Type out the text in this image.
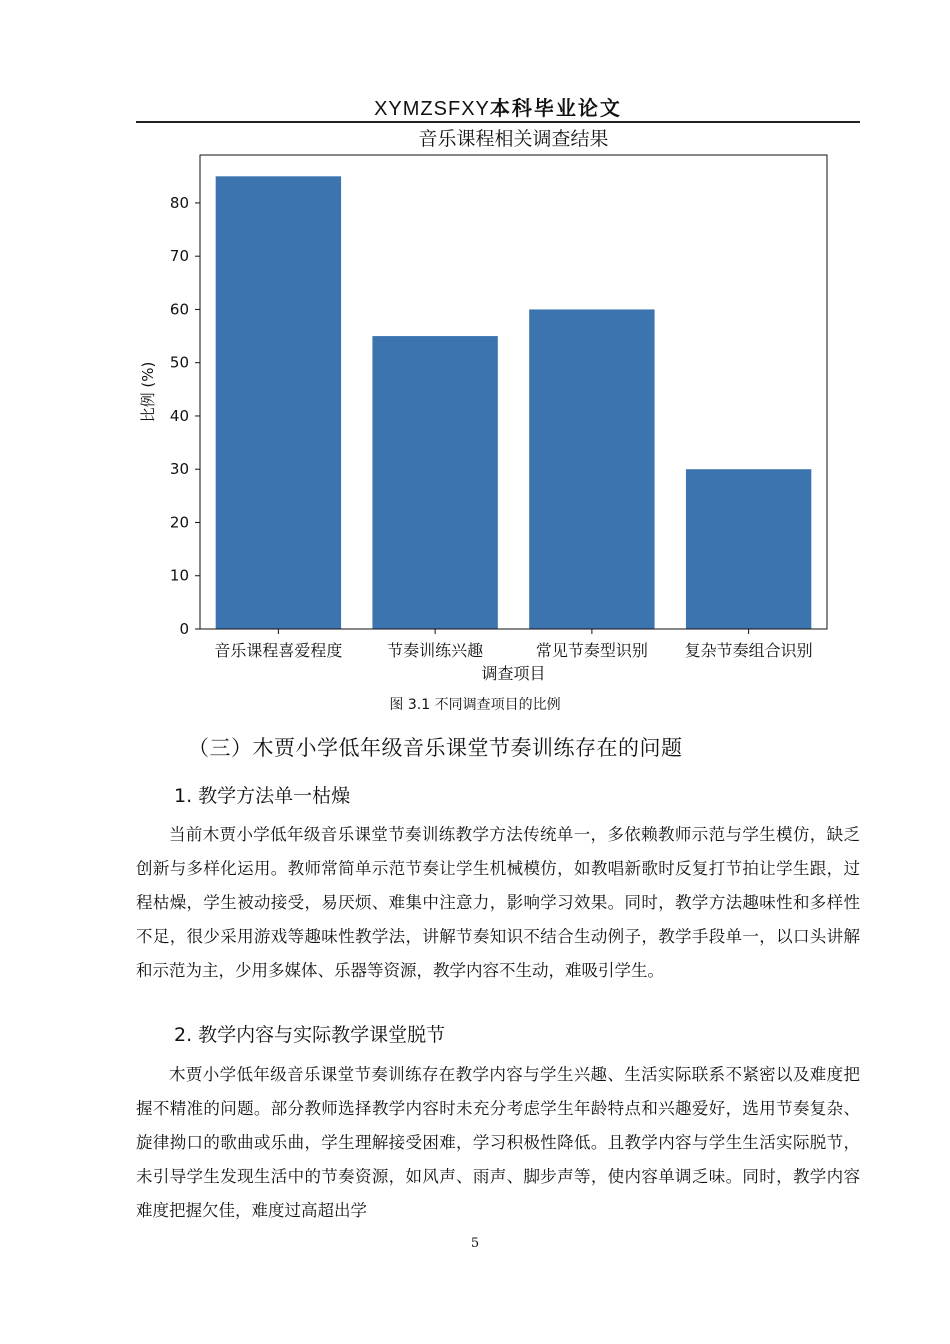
XYMZSFXY本科毕业论文
音乐课程相关调查结果
音乐课程喜爱程度	节奏训练兴趣	常见节奏型识别 复杂节奏组合识别
0
10
20
30
40
50
60
70
80
调查项目
比例 (%)
图 3.1 不同调查项目的比例
（三）木贾小学低年级音乐课堂节奏训练存在的问题
1. 教学方法单一枯燥

当前木贾小学低年级音乐课堂节奏训练教学方法传统单一，多依赖教师示范与学生模仿，缺乏创新与多样化运用。教师常简单示范节奏让学生机械模仿，如教唱新歌时反复打节拍让学生跟，过程枯燥，学生被动接受，易厌烦、难集中注意力，影响学习效果。同时，教学方法趣味性和多样性不足，很少采用游戏等趣味性教学法，讲解节奏知识不结合生动例子，教学手段单一，以口头讲解和示范为主，少用多媒体、乐器等资源，教学内容不生动，难吸引学生。

2. 教学内容与实际教学课堂脱节

木贾小学低年级音乐课堂节奏训练存在教学内容与学生兴趣、生活实际联系不紧密以及难度把握不精准的问题。部分教师选择教学内容时未充分考虑学生年龄特点和兴趣爱好，选用节奏复杂、旋律拗口的歌曲或乐曲，学生理解接受困难，学习积极性降低。且教学内容与学生生活实际脱节，未引导学生发现生活中的节奏资源，如风声、雨声、脚步声等，使内容单调乏味。同时，教学内容难度把握欠佳，难度过高超出学

5
